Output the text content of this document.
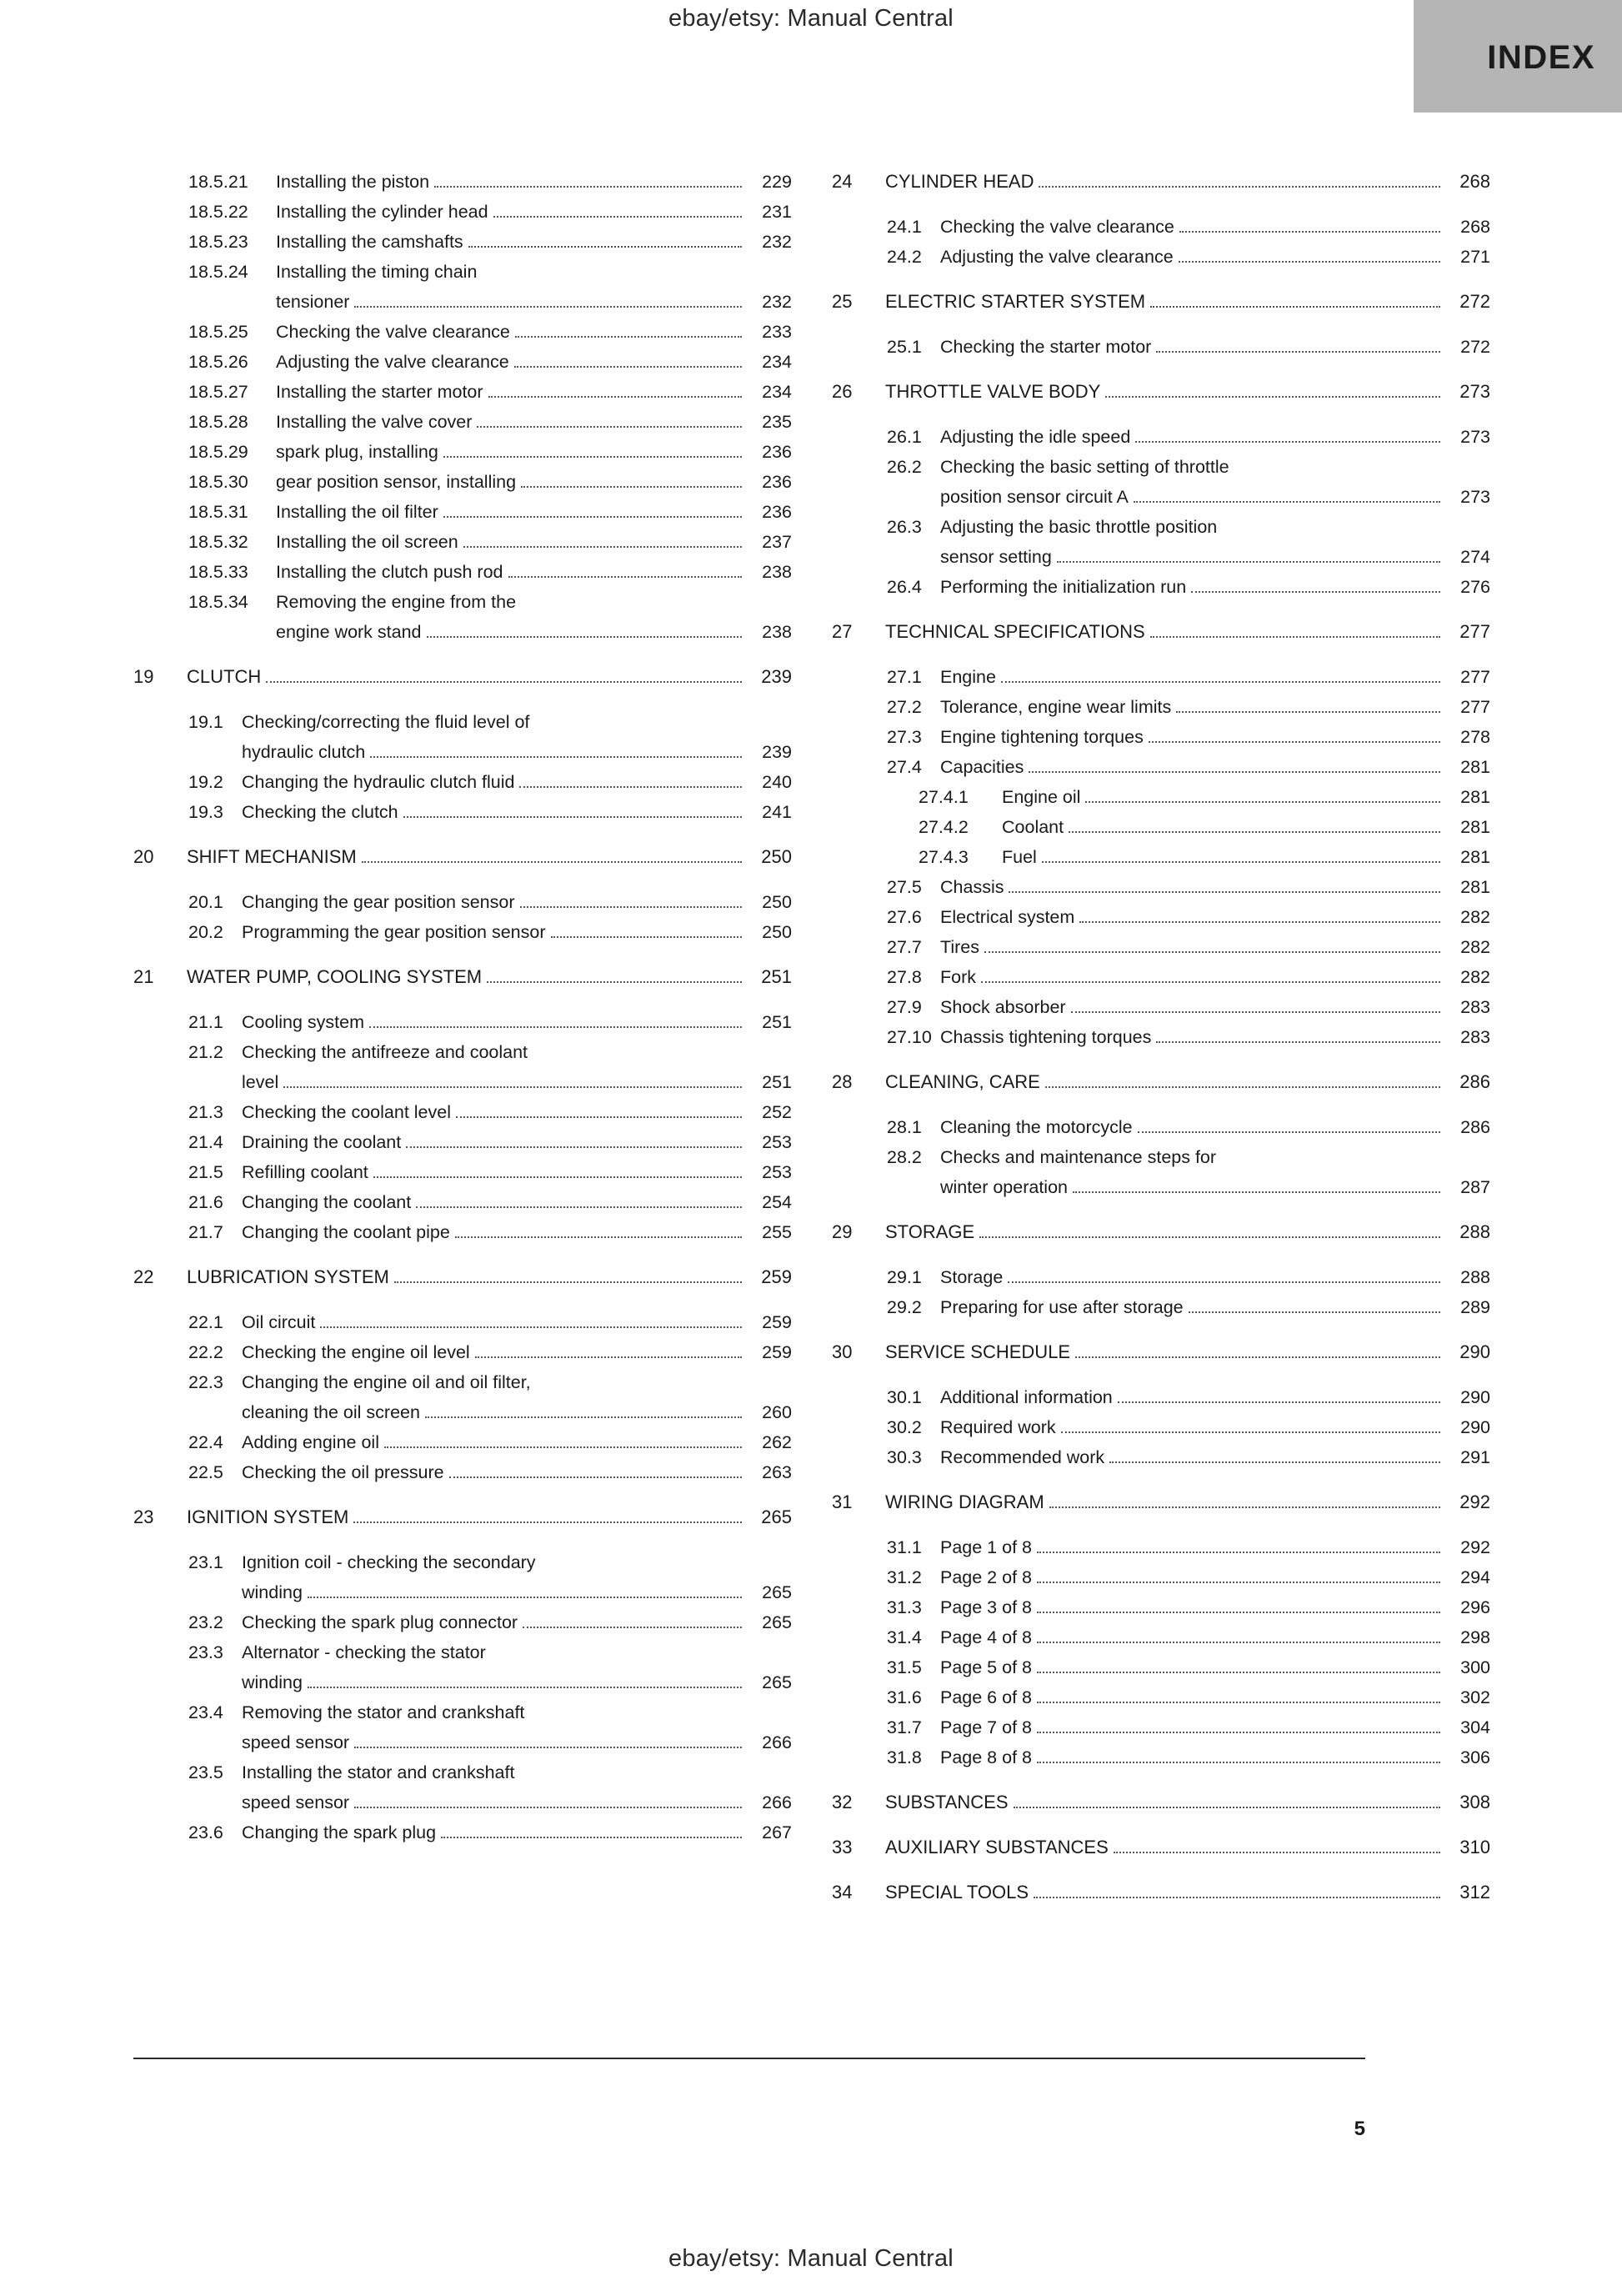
ebay/etsy: Manual Central
INDEX
18.5.21	Installing the piston	229
18.5.22	Installing the cylinder head	231
18.5.23	Installing the camshafts	232
18.5.24	Installing the timing chain
tensioner	232
18.5.25	Checking the valve clearance	233
18.5.26	Adjusting the valve clearance	234
18.5.27	Installing the starter motor	234
18.5.28	Installing the valve cover	235
18.5.29	spark plug, installing	236
18.5.30	gear position sensor, installing	236
18.5.31	Installing the oil filter	236
18.5.32	Installing the oil screen	237
18.5.33	Installing the clutch push rod	238
18.5.34	Removing the engine from the
engine work stand	238
19	CLUTCH	239
19.1	Checking/correcting the fluid level of
hydraulic clutch	239
19.2	Changing the hydraulic clutch fluid	240
19.3	Checking the clutch	241
20	SHIFT MECHANISM	250
20.1	Changing the gear position sensor	250
20.2	Programming the gear position sensor	250
21	WATER PUMP, COOLING SYSTEM	251
21.1	Cooling system	251
21.2	Checking the antifreeze and coolant
level	251
21.3	Checking the coolant level	252
21.4	Draining the coolant	253
21.5	Refilling coolant	253
21.6	Changing the coolant	254
21.7	Changing the coolant pipe	255
22	LUBRICATION SYSTEM	259
22.1	Oil circuit	259
22.2	Checking the engine oil level	259
22.3	Changing the engine oil and oil filter,
cleaning the oil screen	260
22.4	Adding engine oil	262
22.5	Checking the oil pressure	263
23	IGNITION SYSTEM	265
23.1	Ignition coil - checking the secondary
winding	265
23.2	Checking the spark plug connector	265
23.3	Alternator - checking the stator
winding	265
23.4	Removing the stator and crankshaft
speed sensor	266
23.5	Installing the stator and crankshaft
speed sensor	266
23.6	Changing the spark plug	267
24	CYLINDER HEAD	268
24.1	Checking the valve clearance	268
24.2	Adjusting the valve clearance	271
25	ELECTRIC STARTER SYSTEM	272
25.1	Checking the starter motor	272
26	THROTTLE VALVE BODY	273
26.1	Adjusting the idle speed	273
26.2	Checking the basic setting of throttle
position sensor circuit A	273
26.3	Adjusting the basic throttle position
sensor setting	274
26.4	Performing the initialization run	276
27	TECHNICAL SPECIFICATIONS	277
27.1	Engine	277
27.2	Tolerance, engine wear limits	277
27.3	Engine tightening torques	278
27.4	Capacities	281
27.4.1	Engine oil	281
27.4.2	Coolant	281
27.4.3	Fuel	281
27.5	Chassis	281
27.6	Electrical system	282
27.7	Tires	282
27.8	Fork	282
27.9	Shock absorber	283
27.10 Chassis tightening torques	283
28	CLEANING, CARE	286
28.1	Cleaning the motorcycle	286
28.2	Checks and maintenance steps for
winter operation	287
29	STORAGE	288
29.1	Storage	288
29.2	Preparing for use after storage	289
30	SERVICE SCHEDULE	290
30.1	Additional information	290
30.2	Required work	290
30.3	Recommended work	291
31	WIRING DIAGRAM	292
31.1	Page 1 of 8	292
31.2	Page 2 of 8	294
31.3	Page 3 of 8	296
31.4	Page 4 of 8	298
31.5	Page 5 of 8	300
31.6	Page 6 of 8	302
31.7	Page 7 of 8	304
31.8	Page 8 of 8	306
32	SUBSTANCES	308
33	AUXILIARY SUBSTANCES	310
34	SPECIAL TOOLS	312
5
ebay/etsy: Manual Central
